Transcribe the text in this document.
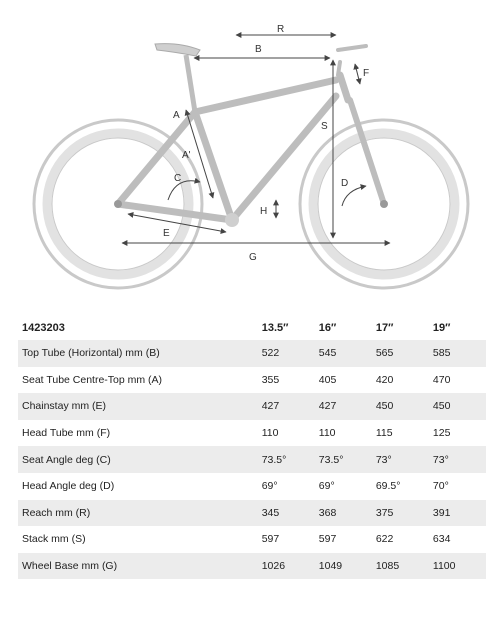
R
B
F
A
A'
S
C	D
H
E
G
1423203	13.5″	16″	17″	19″
Top Tube (Horizontal) mm (B)	522	545	565	585
Seat Tube Centre-Top mm (A)	355	405	420	470
Chainstay mm (E)	427	427	450	450
Head Tube mm (F)	110	110	115	125
Seat Angle deg (C)	73.5°	73.5°	73°	73°
Head Angle deg (D)	69°	69°	69.5°	70°
Reach mm (R)	345	368	375	391
Stack mm (S)	597	597	622	634
Wheel Base mm (G)	1026	1049	1085	1100
